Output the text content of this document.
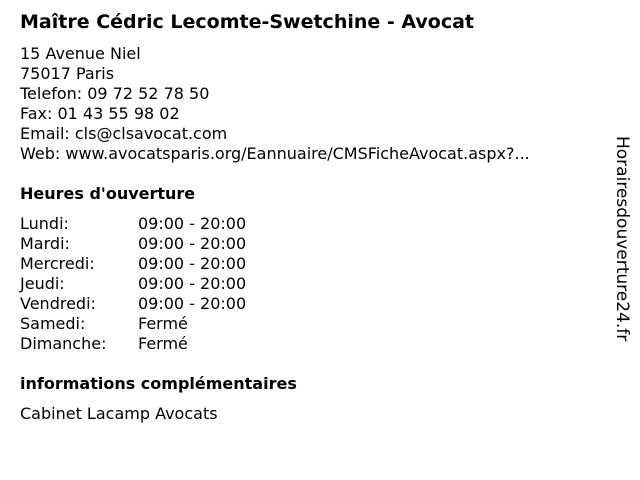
Maître Cédric Lecomte-Swetchine - Avocat
15 Avenue Niel
75017 Paris
Telefon: 09 72 52 78 50
Fax: 01 43 55 98 02
Email: cls@clsavocat.com
Web: www.avocatsparis.org/Eannuaire/CMSFicheAvocat.aspx?...
Heures d'ouverture
Lundi:	09:00 - 20:00
Mardi:	09:00 - 20:00
Mercredi:	09:00 - 20:00
Jeudi:	09:00 - 20:00
Vendredi:	09:00 - 20:00
Samedi:	Fermé
Dimanche: Fermé
informations complémentaires
Cabinet Lacamp Avocats
Horairesdouverture24.fr
